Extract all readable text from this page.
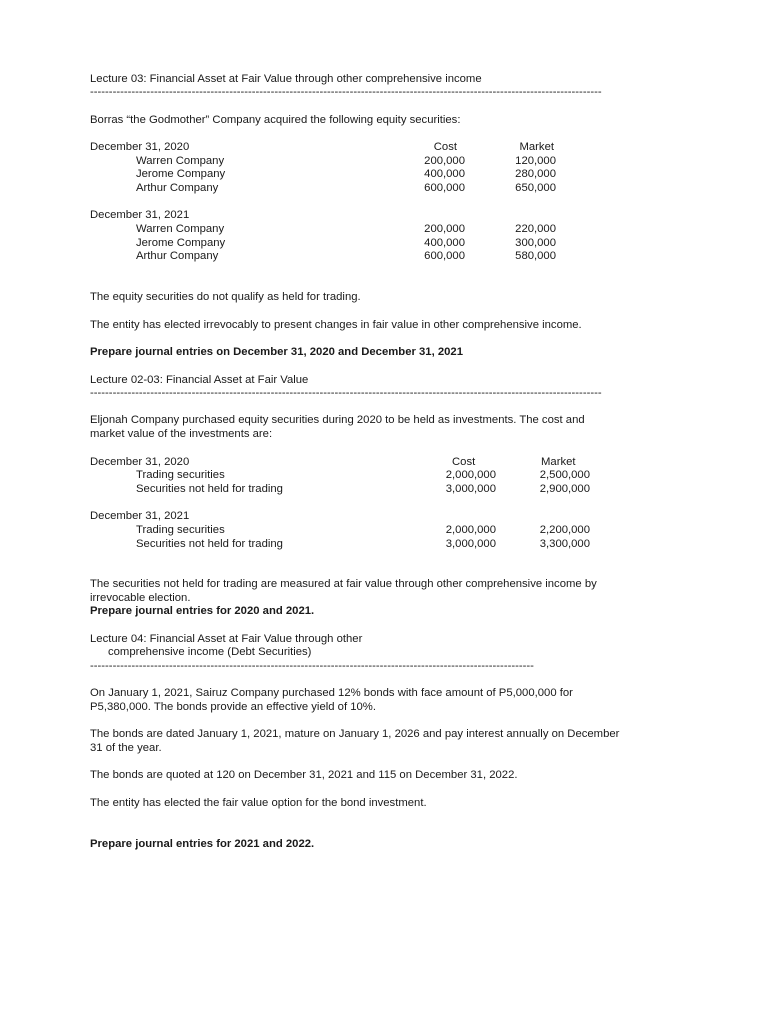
Lecture 03: Financial Asset at Fair Value through other comprehensive income
----------------------------------------------------------------------------------------------------------------------------------------
Borras “the Godmother” Company acquired the following equity securities:
December 31, 2020	Cost	Market
Warren Company	200,000	120,000
Jerome Company	400,000	280,000
Arthur Company	600,000	650,000
December 31, 2021
Warren Company	200,000	220,000
Jerome Company	400,000	300,000
Arthur Company	600,000	580,000
The equity securities do not qualify as held for trading.
The entity has elected irrevocably to present changes in fair value in other comprehensive income.
Prepare journal entries on December 31, 2020 and December 31, 2021
Lecture 02-03: Financial Asset at Fair Value
----------------------------------------------------------------------------------------------------------------------------------------
Eljonah Company purchased equity securities during 2020 to be held as investments. The cost and
market value of the investments are:
December 31, 2020	Cost	Market
Trading securities	2,000,000	2,500,000
Securities not held for trading	3,000,000	2,900,000
December 31, 2021
Trading securities	2,000,000	2,200,000
Securities not held for trading	3,000,000	3,300,000
The securities not held for trading are measured at fair value through other comprehensive income by
irrevocable election.
Prepare journal entries for 2020 and 2021.
Lecture 04: Financial Asset at Fair Value through other
comprehensive income (Debt Securities)
----------------------------------------------------------------------------------------------------------------------
On January 1, 2021, Sairuz Company purchased 12% bonds with face amount of P5,000,000 for
P5,380,000. The bonds provide an effective yield of 10%.
The bonds are dated January 1, 2021, mature on January 1, 2026 and pay interest annually on December
31 of the year.
The bonds are quoted at 120 on December 31, 2021 and 115 on December 31, 2022.
The entity has elected the fair value option for the bond investment.
Prepare journal entries for 2021 and 2022.
